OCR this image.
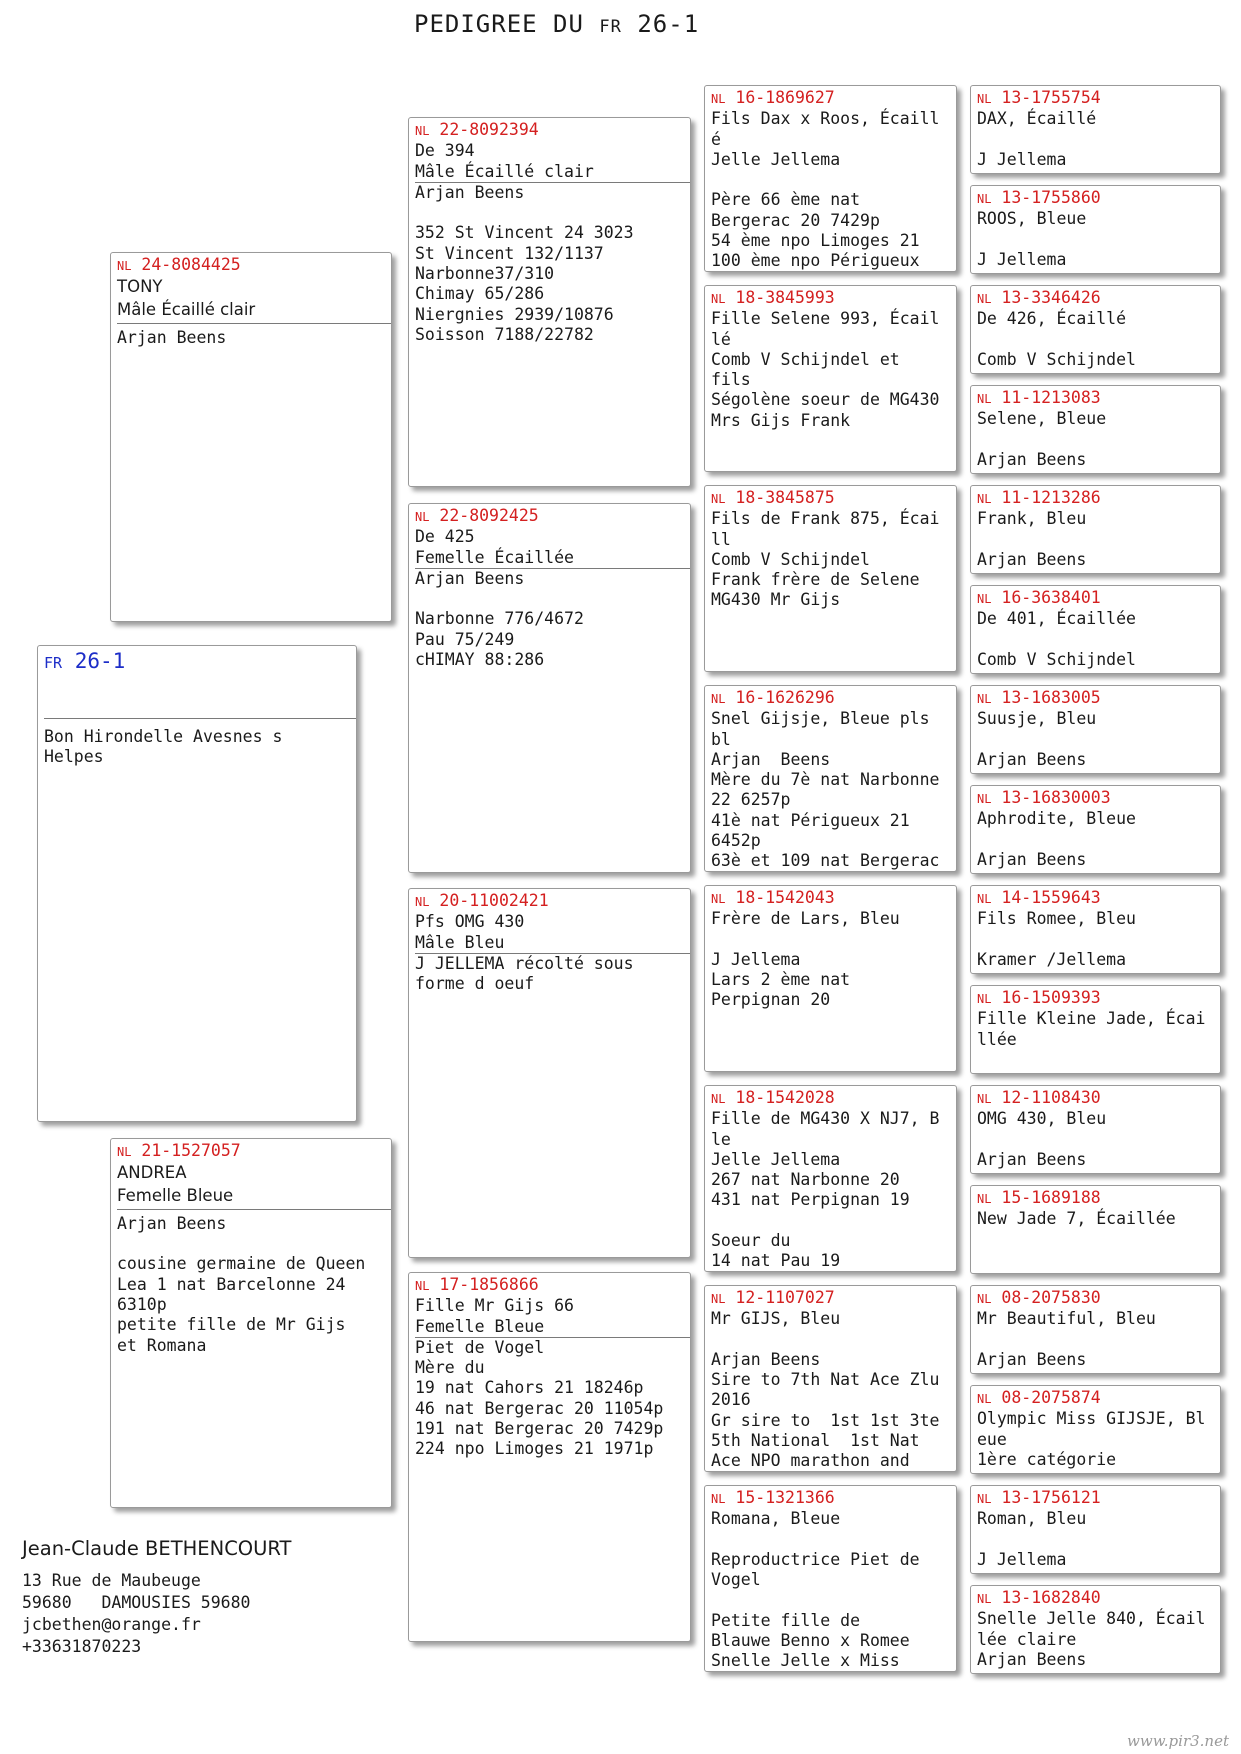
PEDIGREE DU FR 26-1
FR 26-1

Bon Hirondelle Avesnes s
Helpes
NL 24-8084425
TONY
Mâle Écaillé clair
Arjan Beens
NL 21-1527057
ANDREA
Femelle Bleue
Arjan Beens

cousine germaine de Queen
Lea 1 nat Barcelonne 24
6310p
petite fille de Mr Gijs
et Romana
NL 22-8092394
De 394
Mâle Écaillé clair
Arjan Beens

352 St Vincent 24 3023
St Vincent 132/1137
Narbonne37/310
Chimay 65/286
Niergnies 2939/10876
Soisson 7188/22782
NL 22-8092425
De 425
Femelle Écaillée
Arjan Beens

Narbonne 776/4672
Pau 75/249
cHIMAY 88:286
NL 20-11002421
Pfs OMG 430
Mâle Bleu
J JELLEMA récolté sous
forme d oeuf
NL 17-1856866
Fille Mr Gijs 66
Femelle Bleue
Piet de Vogel
Mère du
19 nat Cahors 21 18246p
46 nat Bergerac 20 11054p
191 nat Bergerac 20 7429p
224 npo Limoges 21 1971p
NL 16-1869627
Fils Dax x Roos, Écaill
é
Jelle Jellema

Père 66 ème nat
Bergerac 20 7429p
54 ème npo Limoges 21
100 ème npo Périgueux
NL 18-3845993
Fille Selene 993, Écail
lé
Comb V Schijndel et
fils
Ségolène soeur de MG430
Mrs Gijs Frank
NL 18-3845875
Fils de Frank 875, Écai
ll
Comb V Schijndel
Frank frère de Selene
MG430 Mr Gijs
NL 16-1626296
Snel Gijsje, Bleue pls
bl
Arjan  Beens
Mère du 7è nat Narbonne
22 6257p
41è nat Périgueux 21
6452p
63è et 109 nat Bergerac
NL 18-1542043
Frère de Lars, Bleu

J Jellema
Lars 2 ème nat
Perpignan 20
NL 18-1542028
Fille de MG430 X NJ7, B
le
Jelle Jellema
267 nat Narbonne 20
431 nat Perpignan 19

Soeur du
14 nat Pau 19
NL 12-1107027
Mr GIJS, Bleu

Arjan Beens
Sire to 7th Nat Ace Zlu
2016
Gr sire to  1st 1st 3te
5th National  1st Nat
Ace NPO marathon and
NL 15-1321366
Romana, Bleue

Reproductrice Piet de
Vogel

Petite fille de
Blauwe Benno x Romee
Snelle Jelle x Miss
NL 13-1755754
DAX, Écaillé

J Jellema
NL 13-1755860
ROOS, Bleue

J Jellema
NL 13-3346426
De 426, Écaillé

Comb V Schijndel
NL 11-1213083
Selene, Bleue

Arjan Beens
NL 11-1213286
Frank, Bleu

Arjan Beens
NL 16-3638401
De 401, Écaillée

Comb V Schijndel
NL 13-1683005
Suusje, Bleu

Arjan Beens
NL 13-16830003
Aphrodite, Bleue

Arjan Beens
NL 14-1559643
Fils Romee, Bleu

Kramer /Jellema
NL 16-1509393
Fille Kleine Jade, Écai
llée
NL 12-1108430
OMG 430, Bleu

Arjan Beens
NL 15-1689188
New Jade 7, Écaillée
NL 08-2075830
Mr Beautiful, Bleu

Arjan Beens
NL 08-2075874
Olympic Miss GIJSJE, Bl
eue
1ère catégorie
NL 13-1756121
Roman, Bleu

J Jellema
NL 13-1682840
Snelle Jelle 840, Écail
lée claire
Arjan Beens
Jean-Claude BETHENCOURT
13 Rue de Maubeuge
59680   DAMOUSIES 59680
jcbethen@orange.fr
+33631870223
www.pir3.net
